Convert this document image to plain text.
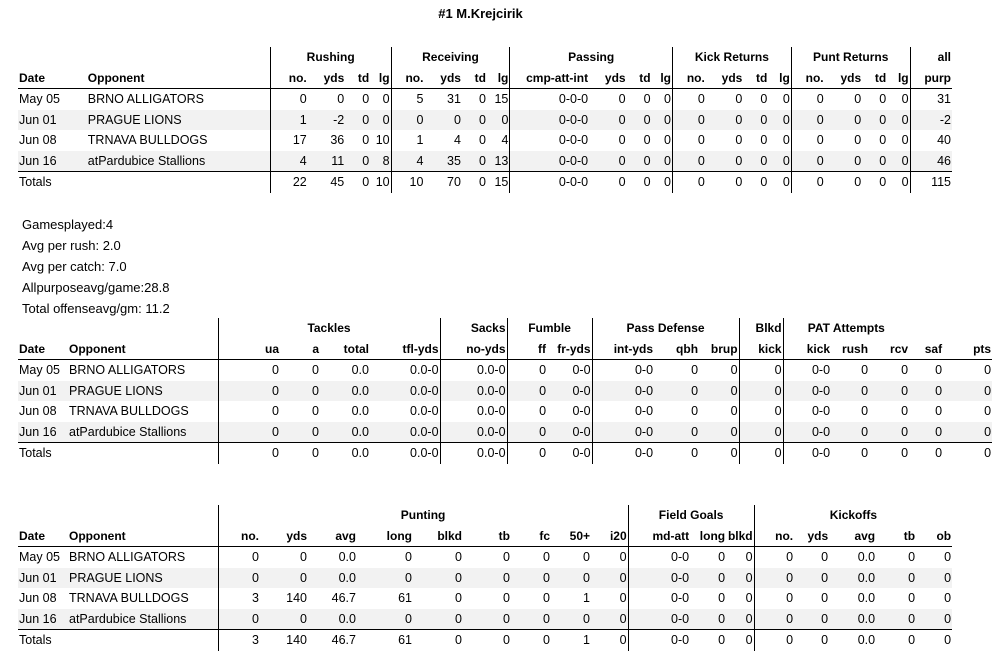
#1 M.Krejcirik
		Rushing				Receiving				Passing				Kick Returns				Punt Returns				all
Date	Opponent	no.	yds	td	lg	no.	yds	td	lg	cmp-att-int	yds	td	lg	no.	yds	td	lg	no.	yds	td	lg	purp
May 05	BRNO ALLIGATORS	0	0	0	0	5	31	0	15	0-0-0	0	0	0	0	0	0	0	0	0	0	0	31
Jun 01	PRAGUE LIONS	1	-2	0	0	0	0	0	0	0-0-0	0	0	0	0	0	0	0	0	0	0	0	-2
Jun 08	TRNAVA BULLDOGS	17	36	0	10	1	4	0	4	0-0-0	0	0	0	0	0	0	0	0	0	0	0	40
Jun 16	atPardubice Stallions	4	11	0	8	4	35	0	13	0-0-0	0	0	0	0	0	0	0	0	0	0	0	46
Totals		22	45	0	10	10	70	0	15	0-0-0	0	0	0	0	0	0	0	0	0	0	0	115
Gamesplayed:4
Avg per rush: 2.0
Avg per catch: 7.0
Allpurposeavg/game:28.8
Total offenseavg/gm: 11.2
		Tackles				Sacks	Fumble		Pass Defense			Blkd	PAT Attempts				
Date	Opponent	ua	a	total	tfl-yds	no-yds	ff	fr-yds	int-yds	qbh	brup	kick	kick	rush	rcv	saf	pts
May 05	BRNO ALLIGATORS	0	0	0.0	0.0-0	0.0-0	0	0-0	0-0	0	0	0	0-0	0	0	0	0
Jun 01	PRAGUE LIONS	0	0	0.0	0.0-0	0.0-0	0	0-0	0-0	0	0	0	0-0	0	0	0	0
Jun 08	TRNAVA BULLDOGS	0	0	0.0	0.0-0	0.0-0	0	0-0	0-0	0	0	0	0-0	0	0	0	0
Jun 16	atPardubice Stallions	0	0	0.0	0.0-0	0.0-0	0	0-0	0-0	0	0	0	0-0	0	0	0	0
Totals		0	0	0.0	0.0-0	0.0-0	0	0-0	0-0	0	0	0	0-0	0	0	0	0
		Punting									Field Goals			Kickoffs				
Date	Opponent	no.	yds	avg	long	blkd	tb	fc	50+	i20	md-att	long	blkd	no.	yds	avg	tb	ob
May 05	BRNO ALLIGATORS	0	0	0.0	0	0	0	0	0	0	0-0	0	0	0	0	0.0	0	0
Jun 01	PRAGUE LIONS	0	0	0.0	0	0	0	0	0	0	0-0	0	0	0	0	0.0	0	0
Jun 08	TRNAVA BULLDOGS	3	140	46.7	61	0	0	0	1	0	0-0	0	0	0	0	0.0	0	0
Jun 16	atPardubice Stallions	0	0	0.0	0	0	0	0	0	0	0-0	0	0	0	0	0.0	0	0
Totals		3	140	46.7	61	0	0	0	1	0	0-0	0	0	0	0	0.0	0	0
